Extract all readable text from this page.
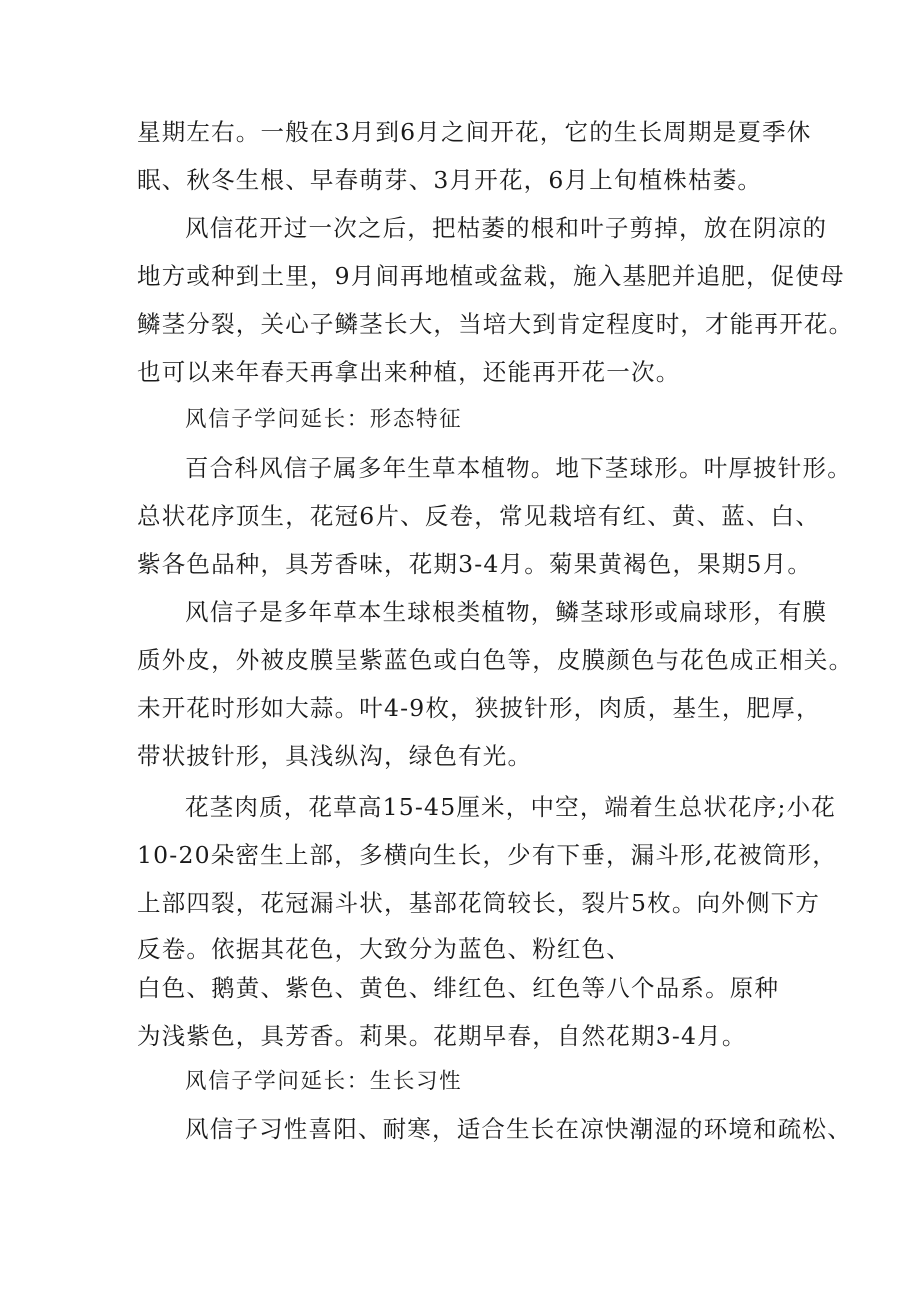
星期左右。一般在3月到6月之间开花，它的生长周期是夏季休
眠、秋冬生根、早春萌芽、3月开花，6月上旬植株枯萎。
风信花开过一次之后，把枯萎的根和叶子剪掉，放在阴凉的
地方或种到土里，9月间再地植或盆栽，施入基肥并追肥，促使母
鳞茎分裂，关心子鳞茎长大，当培大到肯定程度时，才能再开花。
也可以来年春天再拿出来种植，还能再开花一次。
风信子学问延长：形态特征
百合科风信子属多年生草本植物。地下茎球形。叶厚披针形。
总状花序顶生，花冠6片、反卷，常见栽培有红、黄、蓝、白、
紫各色品种，具芳香味，花期3-4月。菊果黄褐色，果期5月。
风信子是多年草本生球根类植物，鳞茎球形或扁球形，有膜
质外皮，外被皮膜呈紫蓝色或白色等，皮膜颜色与花色成正相关。
未开花时形如大蒜。叶4-9枚，狭披针形，肉质，基生，肥厚，
带状披针形，具浅纵沟，绿色有光。
花茎肉质，花草高15-45厘米，中空，端着生总状花序;小花
10-20朵密生上部，多横向生长，少有下垂，漏斗形,花被筒形，
上部四裂，花冠漏斗状，基部花筒较长，裂片5枚。向外侧下方
反卷。依据其花色，大致分为蓝色、粉红色、
白色、鹅黄、紫色、黄色、绯红色、红色等八个品系。原种
为浅紫色，具芳香。莉果。花期早春，自然花期3-4月。
风信子学问延长：生长习性
风信子习性喜阳、耐寒，适合生长在凉快潮湿的环境和疏松、
